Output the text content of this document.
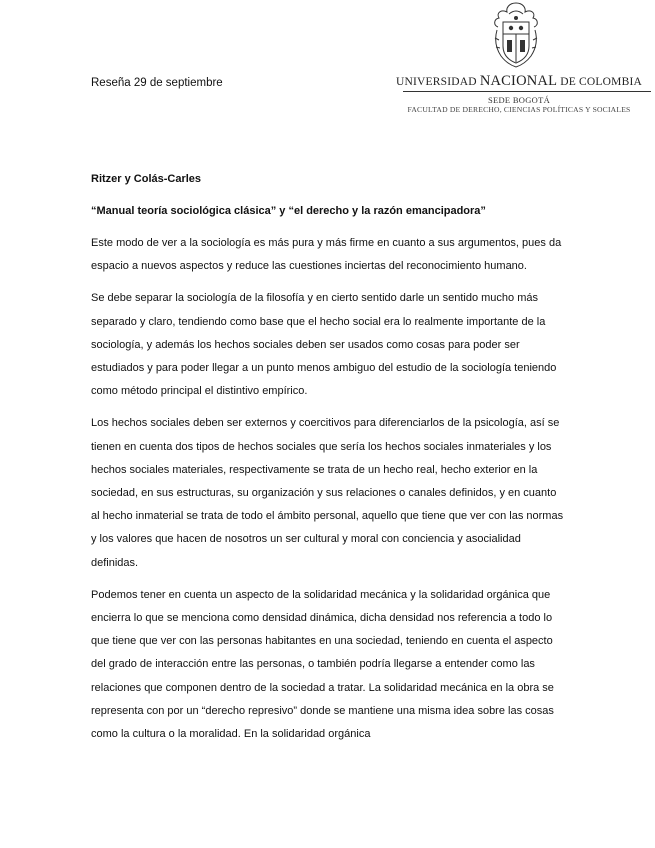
Reseña 29 de septiembre	UNIVERSIDAD NACIONAL DE COLOMBIA
SEDE BOGOTÁ
FACULTAD DE DERECHO, CIENCIAS POLÍTICAS Y SOCIALES
Ritzer y Colás-Carles
“Manual teoría sociológica clásica” y “el derecho y la razón emancipadora”

Este modo de ver a la sociología es más pura y más firme en cuanto a sus argumentos, pues da espacio a nuevos aspectos y reduce las cuestiones inciertas del reconocimiento humano.

Se debe separar la sociología de la filosofía y en cierto sentido darle un sentido mucho más separado y claro, tendiendo como base que el hecho social era lo realmente importante de la sociología, y además los hechos sociales deben ser usados como cosas para poder ser estudiados y para poder llegar a un punto menos ambiguo del estudio de la sociología teniendo como método principal el distintivo empírico.

Los hechos sociales deben ser externos y coercitivos para diferenciarlos de la psicología, así se tienen en cuenta dos tipos de hechos sociales que sería los hechos sociales inmateriales y los hechos sociales materiales, respectivamente se trata de un hecho real, hecho exterior en la sociedad, en sus estructuras, su organización y sus relaciones o canales definidos, y en cuanto al hecho inmaterial se trata de todo el ámbito personal, aquello que tiene que ver con las normas y los valores que hacen de nosotros un ser cultural y moral con conciencia y asocialidad definidas.

Podemos tener en cuenta un aspecto de la solidaridad mecánica y la solidaridad orgánica que encierra lo que se menciona como densidad dinámica, dicha densidad nos referencia a todo lo que tiene que ver con las personas habitantes en una sociedad, teniendo en cuenta el aspecto del grado de interacción entre las personas, o también podría llegarse a entender como las relaciones que componen dentro de la sociedad a tratar. La solidaridad mecánica en la obra se representa con por un “derecho represivo” donde se mantiene una misma idea sobre las cosas como la cultura o la moralidad. En la solidaridad orgánica
